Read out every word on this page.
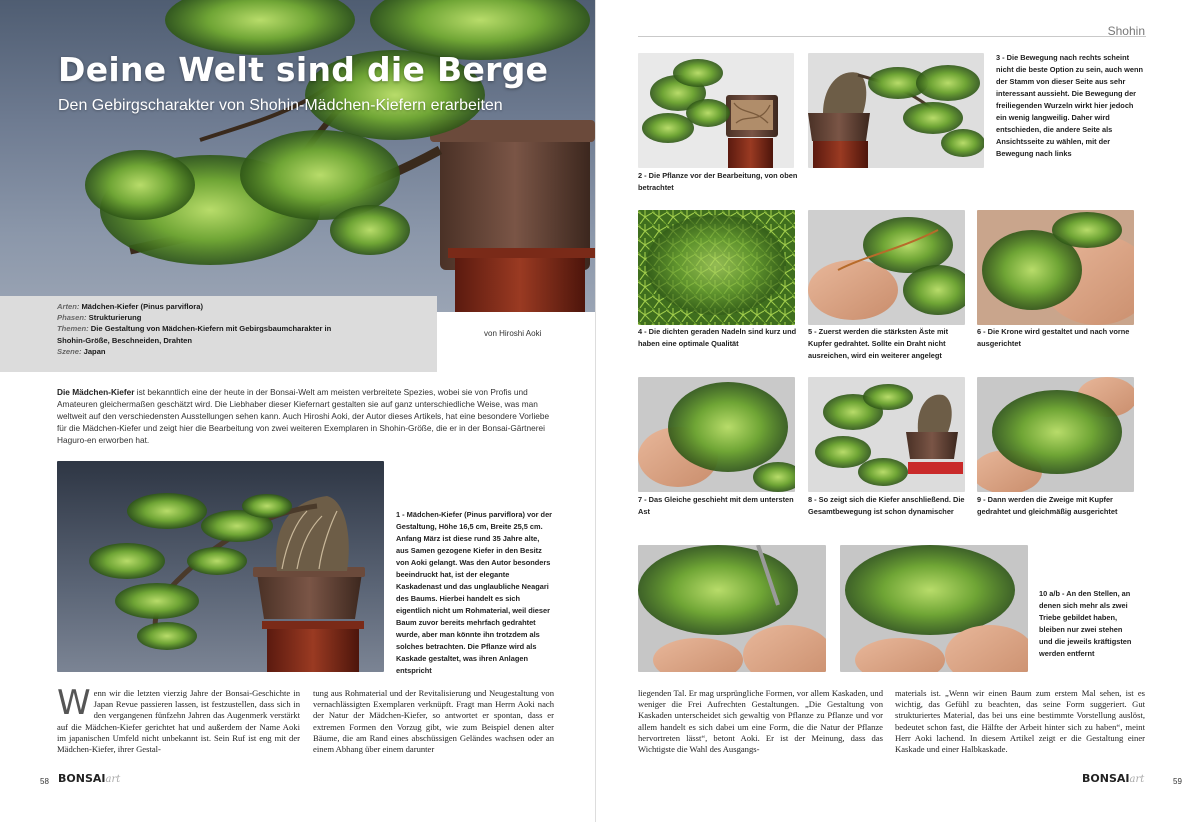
Deine Welt sind die Berge
Den Gebirgscharakter von Shohin-Mädchen-Kiefern erarbeiten
Arten: Mädchen-Kiefer (Pinus parviflora)
Phasen: Strukturierung
Themen: Die Gestaltung von Mädchen-Kiefern mit Gebirgsbaumcharakter in
Shohin-Größe, Beschneiden, Drahten
Szene: Japan
von Hiroshi Aoki
Die Mädchen-Kiefer ist bekanntlich eine der heute in der Bonsai-Welt am meisten verbreitete Spezies, wobei sie von Profis und Amateuren gleichermaßen geschätzt wird. Die Liebhaber dieser Kiefernart gestalten sie auf ganz unterschiedliche Weise, was man weltweit auf den verschiedensten Ausstellungen sehen kann. Auch Hiroshi Aoki, der Autor dieses Artikels, hat eine besondere Vorliebe für die Mädchen-Kiefer und zeigt hier die Bearbeitung von zwei weiteren Exemplaren in Shohin-Größe, die er in der Bonsai-Gärtnerei Haguro-en erworben hat.
1 - Mädchen-Kiefer (Pinus parviflora) vor der Gestaltung, Höhe 16,5 cm, Breite 25,5 cm. Anfang März ist diese rund 35 Jahre alte, aus Samen gezogene Kiefer in den Besitz von Aoki gelangt. Was den Autor besonders beeindruckt hat, ist der elegante Kaskadenast und das unglaubliche Neagari des Baums. Hierbei handelt es sich eigentlich nicht um Rohmaterial, weil dieser Baum zuvor bereits mehrfach gedrahtet wurde, aber man könnte ihn trotzdem als solches betrachten. Die Pflanze wird als Kaskade gestaltet, was ihren Anlagen entspricht
Wenn wir die letzten vierzig Jahre der Bonsai-Geschichte in Japan Revue passieren lassen, ist festzustellen, dass sich in den vergangenen fünfzehn Jahren das Augenmerk verstärkt auf die Mädchen-Kiefer gerichtet hat und außerdem der Name Aoki im japanischen Umfeld nicht unbekannt ist. Sein Ruf ist eng mit der Mädchen-Kiefer, ihrer Gestal-
tung aus Rohmaterial und der Revitalisierung und Neugestaltung von vernachlässigten Exemplaren verknüpft. Fragt man Herrn Aoki nach der Natur der Mädchen-Kiefer, so antwortet er spontan, dass er extremen Formen den Vorzug gibt, wie zum Beispiel denen alter Bäume, die am Rand eines abschüssigen Geländes wachsen oder an einem Abhang über einem darunter
58 BONSAIart
Shohin
2 - Die Pflanze vor der Bearbeitung, von oben betrachtet
3 - Die Bewegung nach rechts scheint nicht die beste Option zu sein, auch wenn der Stamm von dieser Seite aus sehr interessant aussieht. Die Bewegung der freiliegenden Wurzeln wirkt hier jedoch ein wenig langweilig. Daher wird entschieden, die andere Seite als Ansichtsseite zu wählen, mit der Bewegung nach links
4 - Die dichten geraden Nadeln sind kurz und haben eine optimale Qualität
5 - Zuerst werden die stärksten Äste mit Kupfer gedrahtet. Sollte ein Draht nicht ausreichen, wird ein weiterer angelegt
6 - Die Krone wird gestaltet und nach vorne ausgerichtet
7 - Das Gleiche geschieht mit dem untersten Ast
8 - So zeigt sich die Kiefer anschließend. Die Gesamtbewegung ist schon dynamischer
9 - Dann werden die Zweige mit Kupfer gedrahtet und gleichmäßig ausgerichtet
10 a/b - An den Stellen, an denen sich mehr als zwei Triebe gebildet haben, bleiben nur zwei stehen und die jeweils kräftigsten werden entfernt
liegenden Tal. Er mag ursprüngliche Formen, vor allem Kaskaden, und weniger die Frei Aufrechten Gestaltungen. „Die Gestaltung von Kaskaden unterscheidet sich gewaltig von Pflanze zu Pflanze und vor allem handelt es sich dabei um eine Form, die die Natur der Pflanze hervortreten lässt“, betont Aoki. Er ist der Meinung, dass das Wichtigste die Wahl des Ausgangs-
materials ist. „Wenn wir einen Baum zum erstem Mal sehen, ist es wichtig, das Gefühl zu beachten, das seine Form suggeriert. Gut strukturiertes Material, das bei uns eine bestimmte Vorstellung auslöst, bedeutet schon fast, die Hälfte der Arbeit hinter sich zu haben“, meint Herr Aoki lachend. In diesem Artikel zeigt er die Gestaltung einer Kaskade und einer Halbkaskade.
BONSAIart	59
